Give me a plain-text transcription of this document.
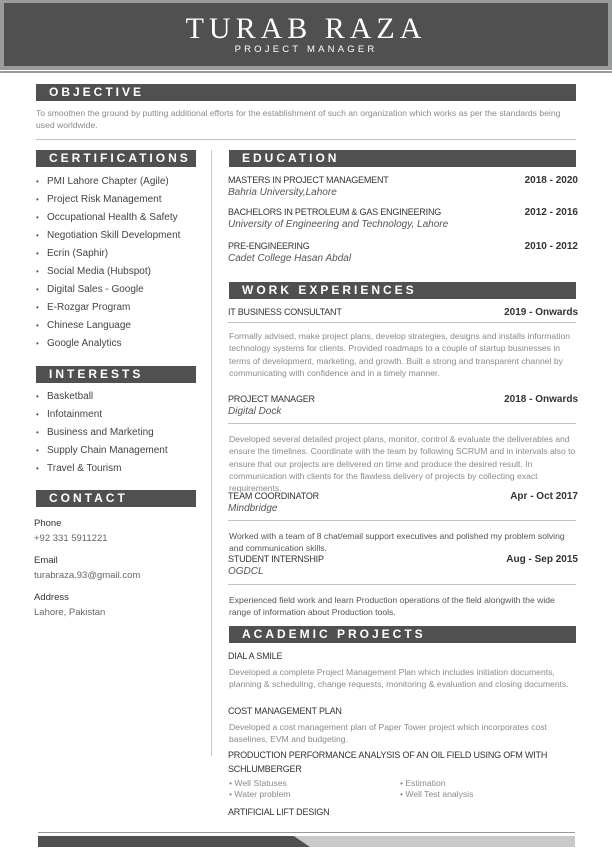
TURAB RAZA
PROJECT MANAGER
OBJECTIVE
To smoothen the ground by putting additional efforts for the establishment of such an organization which works as per the standards being used worldwide.
CERTIFICATIONS
• PMI Lahore Chapter (Agile)
• Project Risk Management
• Occupational Health & Safety
• Negotiation Skill Development
• Ecrin (Saphir)
• Social Media (Hubspot)
• Digital Sales - Google
• E-Rozgar Program
• Chinese Language
• Google Analytics
INTERESTS
• Basketball
• Infotainment
• Business and Marketing
• Supply Chain Management
• Travel & Tourism
CONTACT
Phone
+92 331 5911221
Email
turabraza.93@gmail.com
Address
Lahore, Pakistan
EDUCATION
MASTERS IN PROJECT MANAGEMENT
Bahria University,Lahore
2018 - 2020
BACHELORS IN PETROLEUM & GAS ENGINEERING
University of Engineering and Technology, Lahore
2012 - 2016
PRE-ENGINEERING
Cadet College Hasan Abdal
2010 - 2012
WORK EXPERIENCES
IT BUSINESS CONSULTANT	2019 - Onwards
Formally advised, make project plans, develop strategies, designs and installs information technology systems for clients. Provided roadmaps to a couple of startup businesses in terms of development, marketing, and growth. Built a strong and transparent channel by communicating with confidence and in a timely manner.
PROJECT MANAGER
Digital Dock
2018 - Onwards
Developed several detailed project plans, monitor, control & evaluate the deliverables and ensure the timelines. Coordinate with the team by following SCRUM and in intervals also to ensure that our projects are delivered on time and produce the desired result. In communication with clients for the flawless delivery of projects by collecting exact requirements.
TEAM COORDINATOR
Mindbridge
Apr - Oct 2017
Worked with a team of 8 chat/email support executives and polished my problem solving and communication skills.
STUDENT INTERNSHIP
OGDCL
Aug - Sep 2015
Experienced field work and learn Production operations of the field alongwith the wide range of information about Production tools.
ACADEMIC PROJECTS
DIAL A SMILE
Developed a complete Project Management Plan which includes initiation documents, planning & scheduling, change requests, monitoring & evaluation and closing documents.
COST MANAGEMENT PLAN
Developed a cost management plan of Paper Tower project which incorporates cost baselines, EVM and budgeting.
PRODUCTION PERFORMANCE ANALYSIS OF AN OIL FIELD USING OFM WITH SCHLUMBERGER
• Well Statuses	• Estimation
• Water problem	• Well Test analysis
ARTIFICIAL LIFT DESIGN
